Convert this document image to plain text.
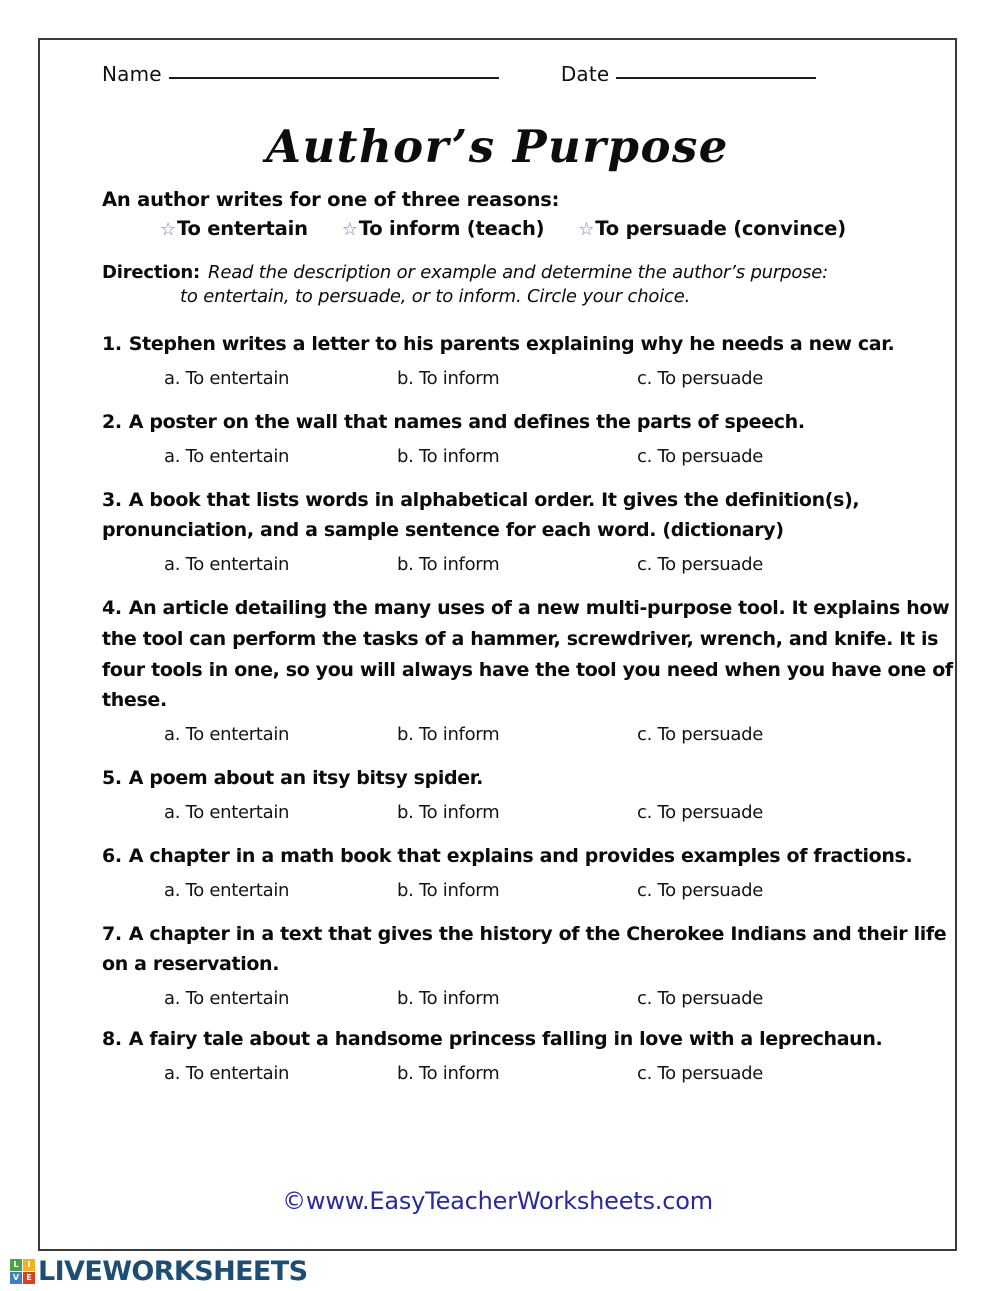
Name	Date
Author’s Purpose

An author writes for one of three reasons:

☆To entertain ☆To inform (teach) ☆To persuade (convince)
Direction: Read the description or example and determine the author’s purpose:
to entertain, to persuade, or to inform. Circle your choice.

1. Stephen writes a letter to his parents explaining why he needs a new car.

a. To entertain	b. To inform	c. To persuade

2. A poster on the wall that names and defines the parts of speech.

a. To entertain	b. To inform	c. To persuade

3. A book that lists words in alphabetical order. It gives the definition(s), pronunciation, and a sample sentence for each word. (dictionary)

a. To entertain	b. To inform	c. To persuade

4. An article detailing the many uses of a new multi-purpose tool. It explains how the tool can perform the tasks of a hammer, screwdriver, wrench, and knife. It is four tools in one, so you will always have the tool you need when you have one of these.

a. To entertain	b. To inform	c. To persuade

5. A poem about an itsy bitsy spider.

a. To entertain	b. To inform	c. To persuade

6. A chapter in a math book that explains and provides examples of fractions.

a. To entertain	b. To inform	c. To persuade

7. A chapter in a text that gives the history of the Cherokee Indians and their life on a reservation.

a. To entertain	b. To inform	c. To persuade

8. A fairy tale about a handsome princess falling in love with a leprechaun.

a. To entertain	b. To inform	c. To persuade
©www.EasyTeacherWorksheets.com
L	I
V E LIVEWORKSHEETS
